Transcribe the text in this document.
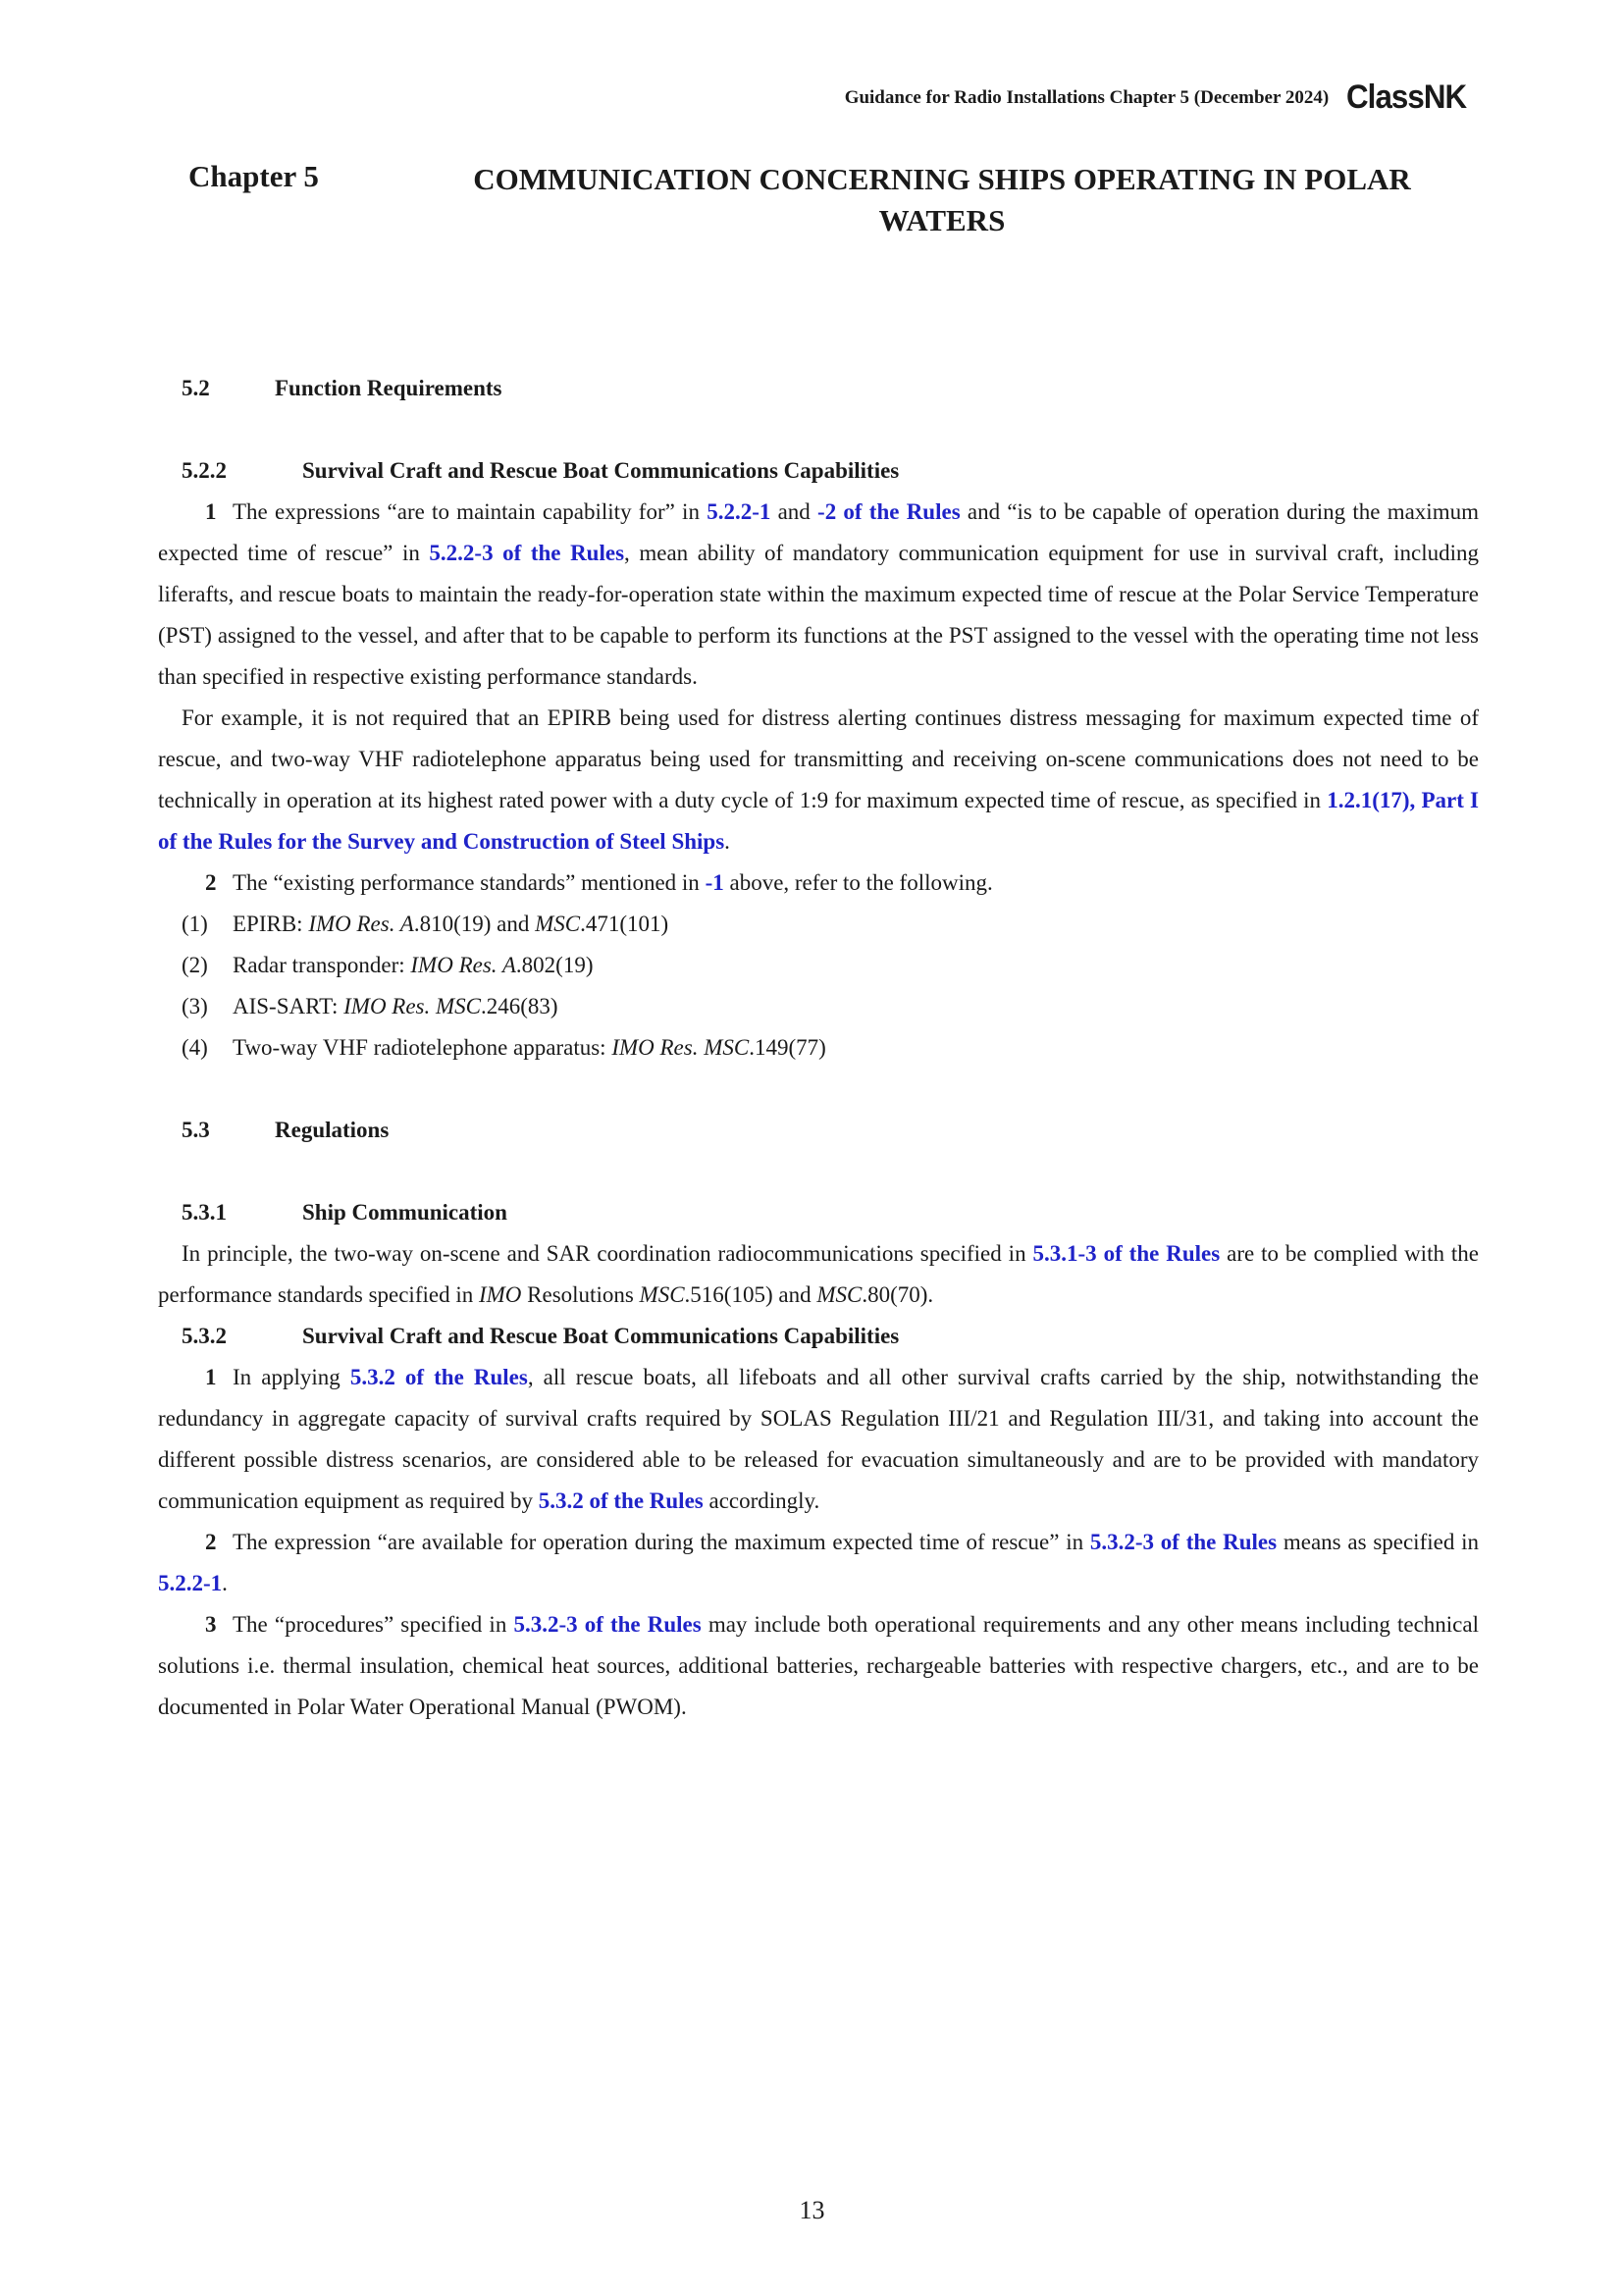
Guidance for Radio Installations Chapter 5 (December 2024) ClassNK
Chapter 5	COMMUNICATION CONCERNING SHIPS OPERATING IN POLAR WATERS

5.2	Function Requirements

5.2.2	Survival Craft and Rescue Boat Communications Capabilities

1 The expressions “are to maintain capability for” in 5.2.2-1 and -2 of the Rules and “is to be capable of operation during the maximum expected time of rescue” in 5.2.2-3 of the Rules, mean ability of mandatory communication equipment for use in survival craft, including liferafts, and rescue boats to maintain the ready-for-operation state within the maximum expected time of rescue at the Polar Service Temperature (PST) assigned to the vessel, and after that to be capable to perform its functions at the PST assigned to the vessel with the operating time not less than specified in respective existing performance standards.

For example, it is not required that an EPIRB being used for distress alerting continues distress messaging for maximum expected time of rescue, and two-way VHF radiotelephone apparatus being used for transmitting and receiving on-scene communications does not need to be technically in operation at its highest rated power with a duty cycle of 1:9 for maximum expected time of rescue, as specified in 1.2.1(17), Part I of the Rules for the Survey and Construction of Steel Ships.

2 The “existing performance standards” mentioned in -1 above, refer to the following.

(1) EPIRB: IMO Res. A.810(19) and MSC.471(101)

(2) Radar transponder: IMO Res. A.802(19)

(3) AIS-SART: IMO Res. MSC.246(83)

(4) Two-way VHF radiotelephone apparatus: IMO Res. MSC.149(77)

5.3	Regulations

5.3.1	Ship Communication

In principle, the two-way on-scene and SAR coordination radiocommunications specified in 5.3.1-3 of the Rules are to be complied with the performance standards specified in IMO Resolutions MSC.516(105) and MSC.80(70).

5.3.2	Survival Craft and Rescue Boat Communications Capabilities

1 In applying 5.3.2 of the Rules, all rescue boats, all lifeboats and all other survival crafts carried by the ship, notwithstanding the redundancy in aggregate capacity of survival crafts required by SOLAS Regulation III/21 and Regulation III/31, and taking into account the different possible distress scenarios, are considered able to be released for evacuation simultaneously and are to be provided with mandatory communication equipment as required by 5.3.2 of the Rules accordingly.

2 The expression “are available for operation during the maximum expected time of rescue” in 5.3.2-3 of the Rules means as specified in 5.2.2-1.

3 The “procedures” specified in 5.3.2-3 of the Rules may include both operational requirements and any other means including technical solutions i.e. thermal insulation, chemical heat sources, additional batteries, rechargeable batteries with respective chargers, etc., and are to be documented in Polar Water Operational Manual (PWOM).

13
